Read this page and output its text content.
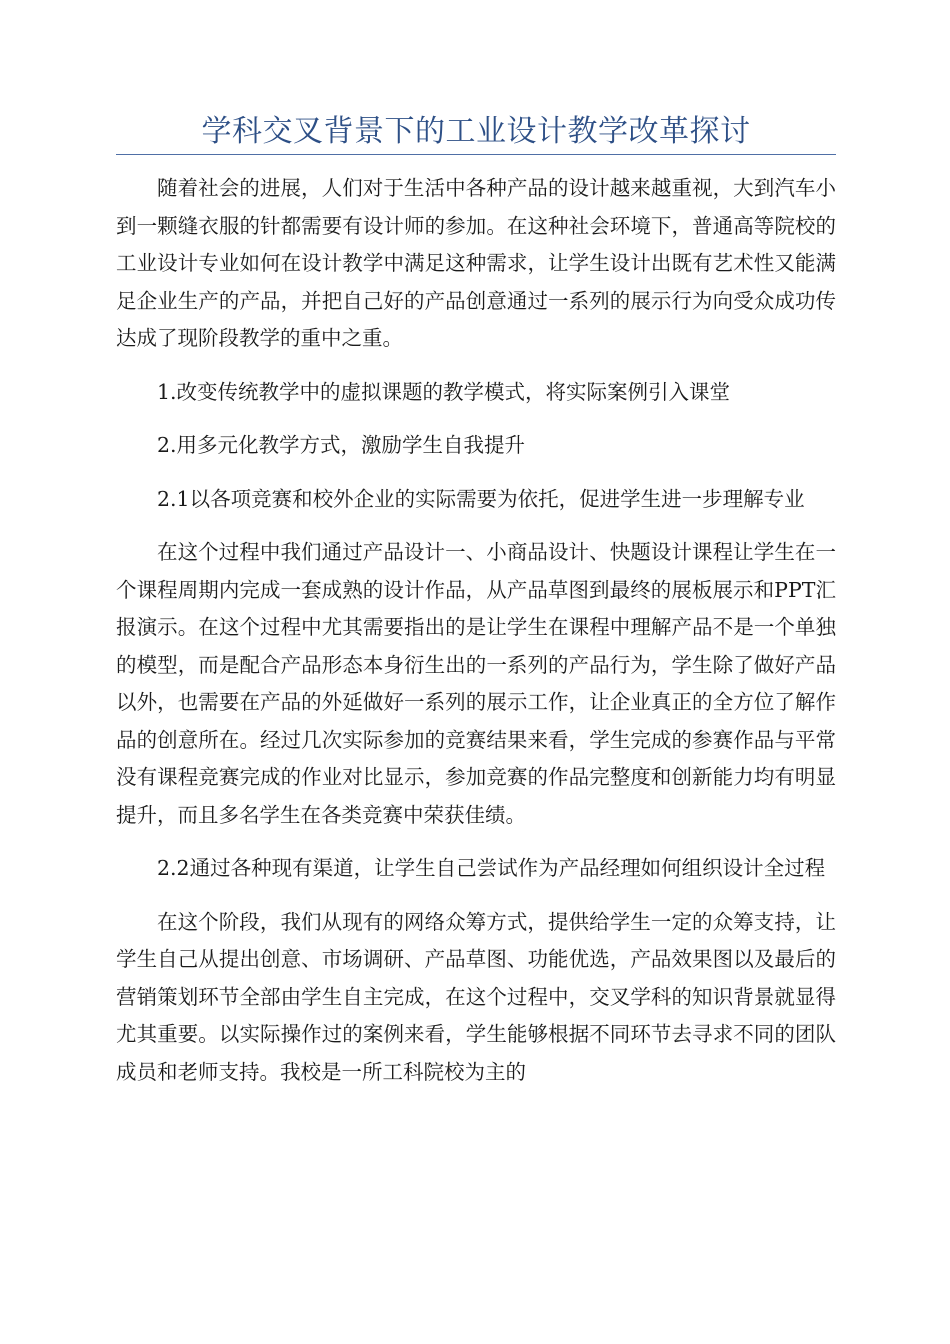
学科交叉背景下的工业设计教学改革探讨

随着社会的进展，人们对于生活中各种产品的设计越来越重视，大到汽车小到一颗缝衣服的针都需要有设计师的参加。在这种社会环境下，普通高等院校的工业设计专业如何在设计教学中满足这种需求，让学生设计出既有艺术性又能满足企业生产的产品，并把自己好的产品创意通过一系列的展示行为向受众成功传达成了现阶段教学的重中之重。

1.改变传统教学中的虚拟课题的教学模式，将实际案例引入课堂

2.用多元化教学方式，激励学生自我提升

2.1以各项竞赛和校外企业的实际需要为依托，促进学生进一步理解专业

在这个过程中我们通过产品设计一、小商品设计、快题设计课程让学生在一个课程周期内完成一套成熟的设计作品，从产品草图到最终的展板展示和PPT汇报演示。在这个过程中尤其需要指出的是让学生在课程中理解产品不是一个单独的模型，而是配合产品形态本身衍生出的一系列的产品行为，学生除了做好产品以外，也需要在产品的外延做好一系列的展示工作，让企业真正的全方位了解作品的创意所在。经过几次实际参加的竞赛结果来看，学生完成的参赛作品与平常没有课程竞赛完成的作业对比显示，参加竞赛的作品完整度和创新能力均有明显提升，而且多名学生在各类竞赛中荣获佳绩。

2.2通过各种现有渠道，让学生自己尝试作为产品经理如何组织设计全过程

在这个阶段，我们从现有的网络众筹方式，提供给学生一定的众筹支持，让学生自己从提出创意、市场调研、产品草图、功能优选，产品效果图以及最后的营销策划环节全部由学生自主完成，在这个过程中，交叉学科的知识背景就显得尤其重要。以实际操作过的案例来看，学生能够根据不同环节去寻求不同的团队成员和老师支持。我校是一所工科院校为主的
